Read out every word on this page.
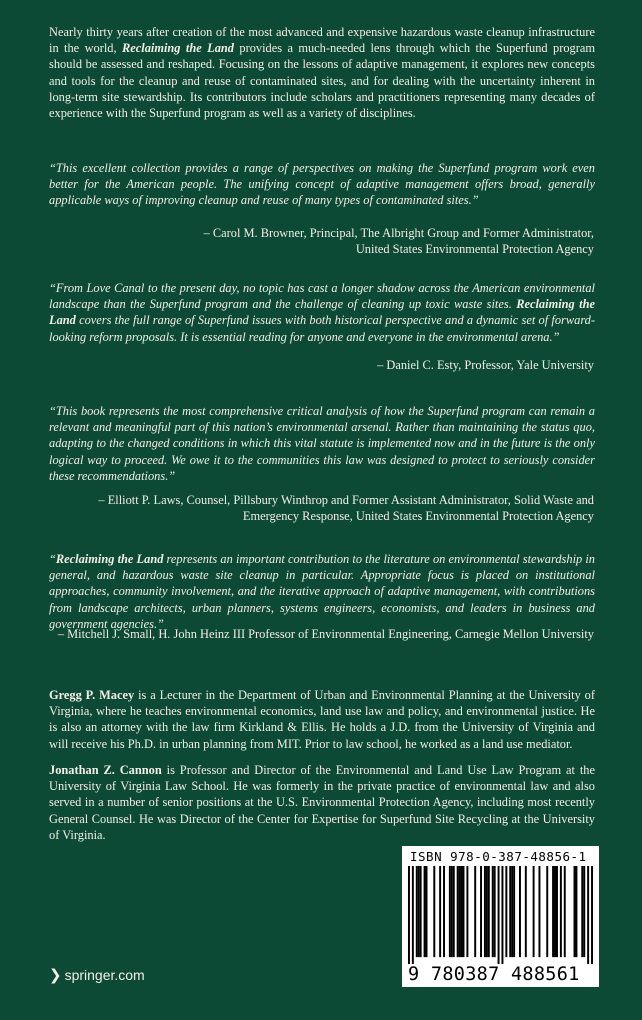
Nearly thirty years after creation of the most advanced and expensive hazardous waste cleanup infrastructure in the world, Reclaiming the Land provides a much-needed lens through which the Superfund program should be assessed and reshaped. Focusing on the lessons of adaptive management, it explores new concepts and tools for the cleanup and reuse of contaminated sites, and for dealing with the uncertainty inherent in long-term site stewardship. Its contributors include scholars and practitioners representing many decades of experience with the Superfund program as well as a variety of disciplines.

“This excellent collection provides a range of perspectives on making the Superfund program work even better for the American people. The unifying concept of adaptive management offers broad, generally applicable ways of improving cleanup and reuse of many types of contaminated sites.”

– Carol M. Browner, Principal, The Albright Group and Former Administrator,
United States Environmental Protection Agency

“From Love Canal to the present day, no topic has cast a longer shadow across the American environmental landscape than the Superfund program and the challenge of cleaning up toxic waste sites. Reclaiming the Land covers the full range of Superfund issues with both historical perspective and a dynamic set of forward-looking reform proposals. It is essential reading for anyone and everyone in the environmental arena.”

– Daniel C. Esty, Professor, Yale University

“This book represents the most comprehensive critical analysis of how the Superfund program can remain a relevant and meaningful part of this nation’s environmental arsenal. Rather than maintaining the status quo, adapting to the changed conditions in which this vital statute is implemented now and in the future is the only logical way to proceed. We owe it to the communities this law was designed to protect to seriously consider these recommendations.”

– Elliott P. Laws, Counsel, Pillsbury Winthrop and Former Assistant Administrator, Solid Waste and
Emergency Response, United States Environmental Protection Agency

“Reclaiming the Land represents an important contribution to the literature on environmental stewardship in general, and hazardous waste site cleanup in particular. Appropriate focus is placed on institutional approaches, community involvement, and the iterative approach of adaptive management, with contributions from landscape architects, urban planners, systems engineers, economists, and leaders in business and government agencies.”

– Mitchell J. Small, H. John Heinz III Professor of Environmental Engineering, Carnegie Mellon University

Gregg P. Macey is a Lecturer in the Department of Urban and Environmental Planning at the University of Virginia, where he teaches environmental economics, land use law and policy, and environmental justice. He is also an attorney with the law firm Kirkland & Ellis. He holds a J.D. from the University of Virginia and will receive his Ph.D. in urban planning from MIT. Prior to law school, he worked as a land use mediator.

Jonathan Z. Cannon is Professor and Director of the Environmental and Land Use Law Program at the University of Virginia Law School. He was formerly in the private practice of environmental law and also served in a number of senior positions at the U.S. Environmental Protection Agency, including most recently General Counsel. He was Director of the Center for Expertise for Superfund Site Recycling at the University of Virginia.

ISBN 978-0-387-48856-1
9 780387 488561
❯ springer.com
